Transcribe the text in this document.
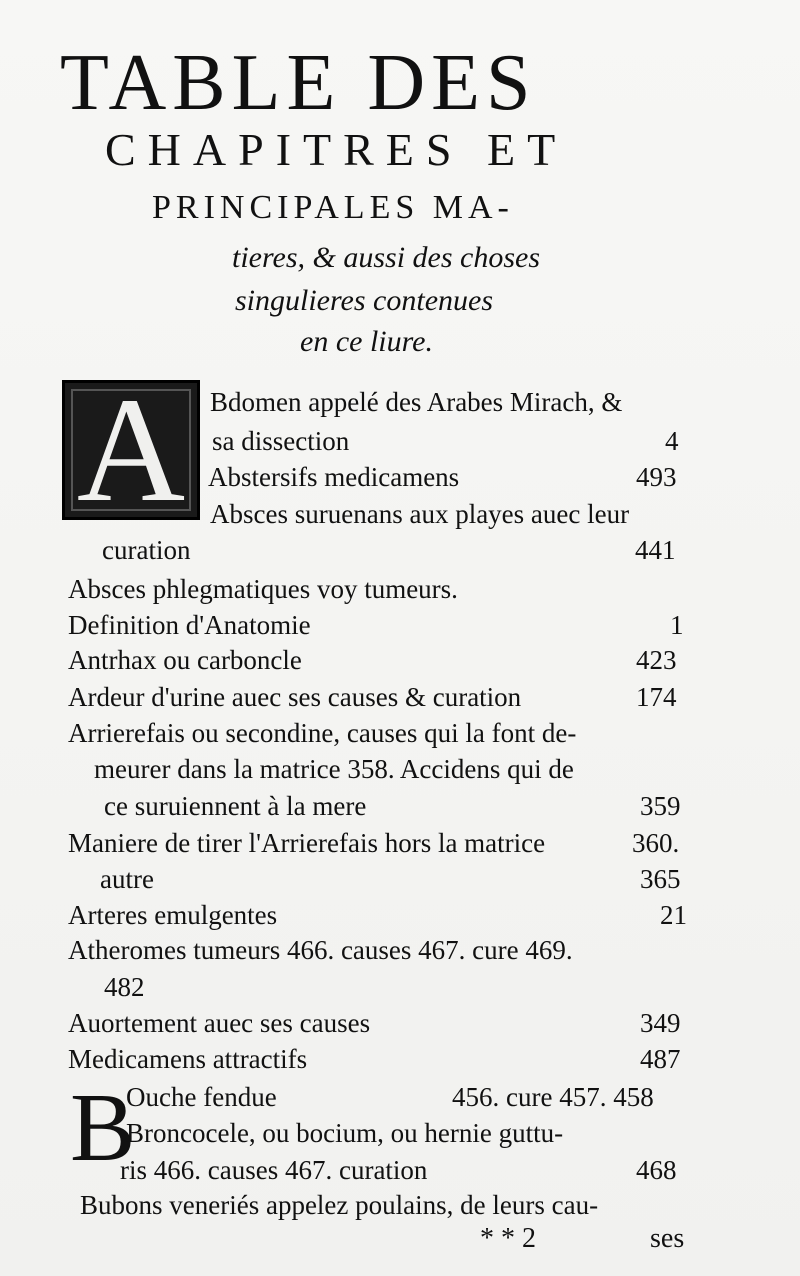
TABLE DES
CHAPITRES ET
PRINCIPALES MA-
tieres, & aussi des choses
singulieres contenues
en ce liure.
A Bdomen appelé des Arabes Mirach, &
sa dissection	4
Abstersifs medicamens	493
Absces suruenans aux playes auec leur
curation	441
Absces phlegmatiques voy tumeurs.
Definition d'Anatomie	1
Antrhax ou carboncle	423
Ardeur d'urine auec ses causes & curation	174
Arrierefais ou secondine, causes qui la font de-
meurer dans la matrice 358. Accidens qui de
ce suruiennent à la mere	359
Maniere de tirer l'Arrierefais hors la matrice	360.
autre	365
Arteres emulgentes	21
Atheromes tumeurs 466. causes 467. cure 469.
482
Auortement auec ses causes	349
Medicamens attractifs	487
B
Ouche fendue	456. cure 457. 458
Broncocele, ou bocium, ou hernie guttu-
ris 466. causes 467. curation	468
Bubons veneriés appelez poulains, de leurs cau-
* * 2	ses
